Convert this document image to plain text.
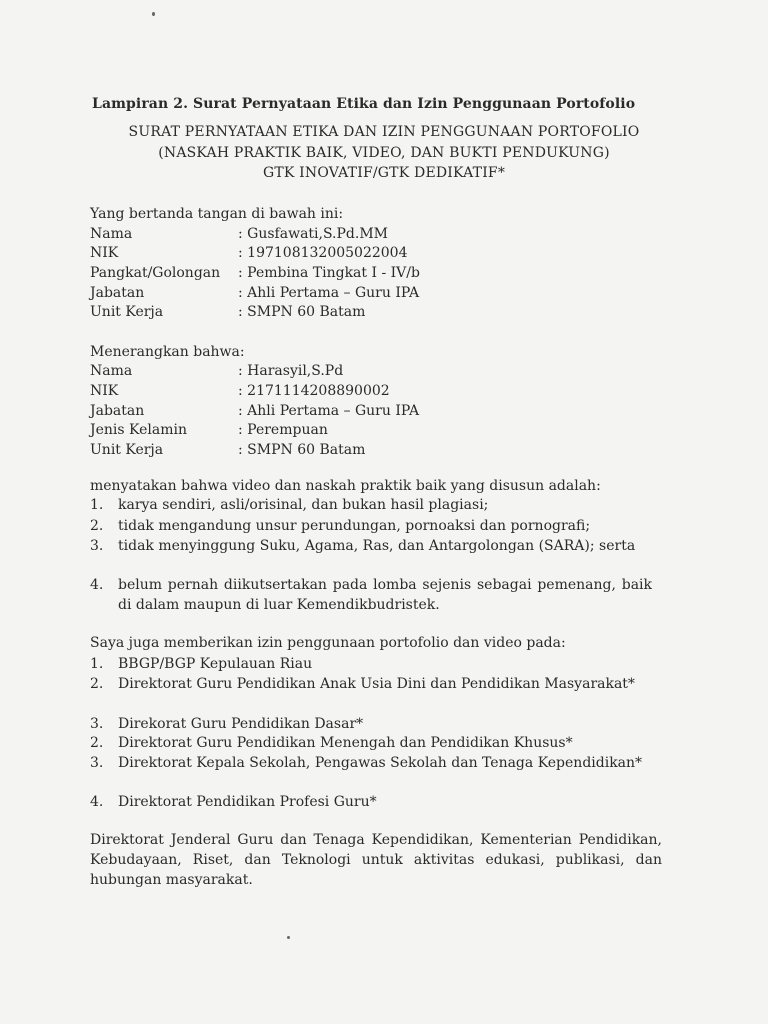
Lampiran 2. Surat Pernyataan Etika dan Izin Penggunaan Portofolio
SURAT PERNYATAAN ETIKA DAN IZIN PENGGUNAAN PORTOFOLIO
(NASKAH PRAKTIK BAIK, VIDEO, DAN BUKTI PENDUKUNG)
GTK INOVATIF/GTK DEDIKATIF*
Yang bertanda tangan di bawah ini:
Nama	: Gusfawati,S.Pd.MM
NIK	: 197108132005022004
Pangkat/Golongan : Pembina Tingkat I - IV/b
Jabatan	: Ahli Pertama – Guru IPA
Unit Kerja	: SMPN 60 Batam
Menerangkan bahwa:
Nama	: Harasyil,S.Pd
NIK	: 2171114208890002
Jabatan	: Ahli Pertama – Guru IPA
Jenis Kelamin	: Perempuan
Unit Kerja	: SMPN 60 Batam
menyatakan bahwa video dan naskah praktik baik yang disusun adalah:
1. karya sendiri, asli/orisinal, dan bukan hasil plagiasi;
2. tidak mengandung unsur perundungan, pornoaksi dan pornografi;
3. tidak menyinggung Suku, Agama, Ras, dan Antargolongan (SARA); serta
4. belum pernah diikutsertakan pada lomba sejenis sebagai pemenang, baik di dalam maupun di luar Kemendikbudristek.
Saya juga memberikan izin penggunaan portofolio dan video pada:
1. BBGP/BGP Kepulauan Riau
2. Direktorat Guru Pendidikan Anak Usia Dini dan Pendidikan Masyarakat*
3. Direkorat Guru Pendidikan Dasar*
2. Direktorat Guru Pendidikan Menengah dan Pendidikan Khusus*
3. Direktorat Kepala Sekolah, Pengawas Sekolah dan Tenaga Kependidikan*
4. Direktorat Pendidikan Profesi Guru*
Direktorat Jenderal Guru dan Tenaga Kependidikan, Kementerian Pendidikan, Kebudayaan, Riset, dan Teknologi untuk aktivitas edukasi, publikasi, dan hubungan masyarakat.
